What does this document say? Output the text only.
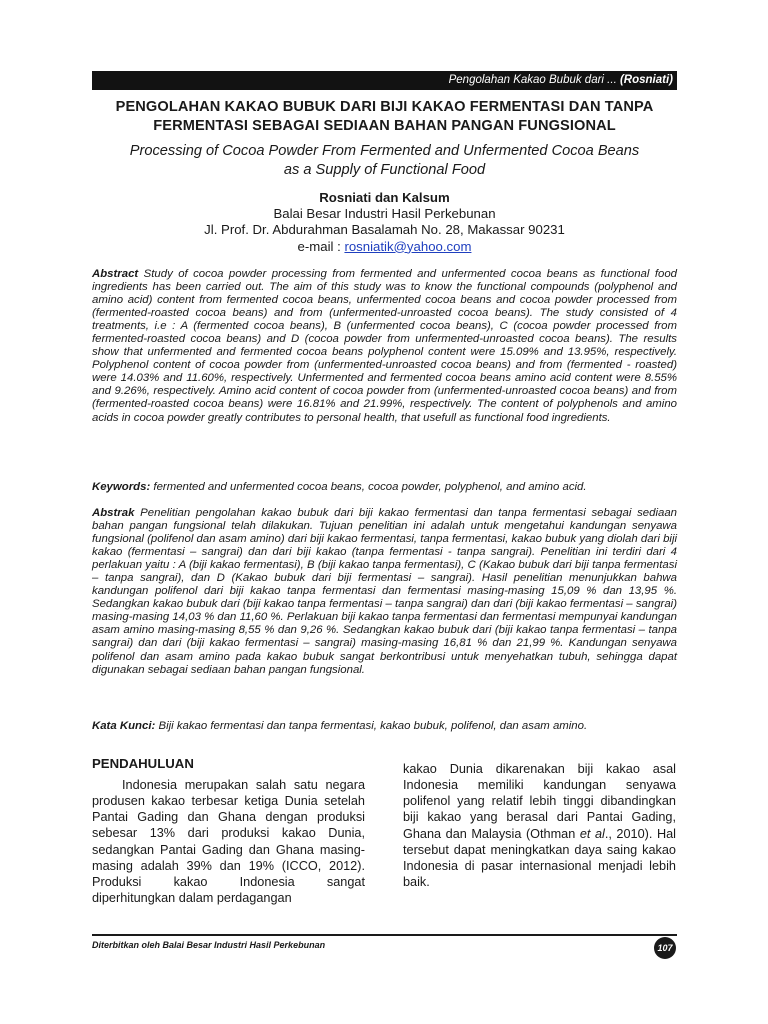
Pengolahan Kakao Bubuk dari ... (Rosniati)
PENGOLAHAN KAKAO BUBUK DARI BIJI KAKAO FERMENTASI DAN TANPA
FERMENTASI SEBAGAI SEDIAAN BAHAN PANGAN FUNGSIONAL
Processing of Cocoa Powder From Fermented and Unfermented Cocoa Beans
as a Supply of Functional Food
Rosniati dan Kalsum
Balai Besar Industri Hasil Perkebunan
Jl. Prof. Dr. Abdurahman Basalamah No. 28, Makassar 90231
e-mail : rosniatik@yahoo.com
Abstract Study of cocoa powder processing from fermented and unfermented cocoa beans as functional food ingredients has been carried out. The aim of this study was to know the functional compounds (polyphenol and amino acid) content from fermented cocoa beans, unfermented cocoa beans and cocoa powder processed from (fermented-roasted cocoa beans) and from (unfermented-unroasted cocoa beans). The study consisted of 4 treatments, i.e : A (fermented cocoa beans), B (unfermented cocoa beans), C (cocoa powder processed from fermented-roasted cocoa beans) and D (cocoa powder from unfermented-unroasted cocoa beans). The results show that unfermented and fermented cocoa beans polyphenol content were 15.09% and 13.95%, respectively. Polyphenol content of cocoa powder from (unfermented-unroasted cocoa beans) and from (fermented - roasted) were 14.03% and 11.60%, respectively. Unfermented and fermented cocoa beans amino acid content were 8.55% and 9.26%, respectively. Amino acid content of cocoa powder from (unfermented-unroasted cocoa beans) and from (fermented-roasted cocoa beans) were 16.81% and 21.99%, respectively. The content of polyphenols and amino acids in cocoa powder greatly contributes to personal health, that usefull as functional food ingredients.
Keywords: fermented and unfermented cocoa beans, cocoa powder, polyphenol, and amino acid.
Abstrak Penelitian pengolahan kakao bubuk dari biji kakao fermentasi dan tanpa fermentasi sebagai sediaan bahan pangan fungsional telah dilakukan. Tujuan penelitian ini adalah untuk mengetahui kandungan senyawa fungsional (polifenol dan asam amino) dari biji kakao fermentasi, tanpa fermentasi, kakao bubuk yang diolah dari biji kakao (fermentasi – sangrai) dan dari biji kakao (tanpa fermentasi - tanpa sangrai). Penelitian ini terdiri dari 4 perlakuan yaitu : A (biji kakao fermentasi), B (biji kakao tanpa fermentasi), C (Kakao bubuk dari biji tanpa fermentasi – tanpa sangrai), dan D (Kakao bubuk dari biji fermentasi – sangrai). Hasil penelitian menunjukkan bahwa kandungan polifenol dari biji kakao tanpa fermentasi dan fermentasi masing-masing 15,09 % dan 13,95 %. Sedangkan kakao bubuk dari (biji kakao tanpa fermentasi – tanpa sangrai) dan dari (biji kakao fermentasi – sangrai) masing-masing 14,03 % dan 11,60 %. Perlakuan biji kakao tanpa fermentasi dan fermentasi mempunyai kandungan asam amino masing-masing 8,55 % dan 9,26 %. Sedangkan kakao bubuk dari (biji kakao tanpa fermentasi – tanpa sangrai) dan dari (biji kakao fermentasi – sangrai) masing-masing 16,81 % dan 21,99 %. Kandungan senyawa polifenol dan asam amino pada kakao bubuk sangat berkontribusi untuk menyehatkan tubuh, sehingga dapat digunakan sebagai sediaan bahan pangan fungsional.
Kata Kunci: Biji kakao fermentasi dan tanpa fermentasi, kakao bubuk, polifenol, dan asam amino.
PENDAHULUAN
Indonesia merupakan salah satu negara produsen kakao terbesar ketiga Dunia setelah Pantai Gading dan Ghana dengan produksi sebesar 13% dari produksi kakao Dunia, sedangkan Pantai Gading dan Ghana masing-masing adalah 39% dan 19% (ICCO, 2012). Produksi kakao Indonesia sangat diperhitungkan dalam perdagangan
kakao Dunia dikarenakan biji kakao asal Indonesia memiliki kandungan senyawa polifenol yang relatif lebih tinggi dibandingkan biji kakao yang berasal dari Pantai Gading, Ghana dan Malaysia (Othman et al., 2010). Hal tersebut dapat meningkatkan daya saing kakao Indonesia di pasar internasional menjadi lebih baik.
Diterbitkan oleh Balai Besar Industri Hasil Perkebunan	107
